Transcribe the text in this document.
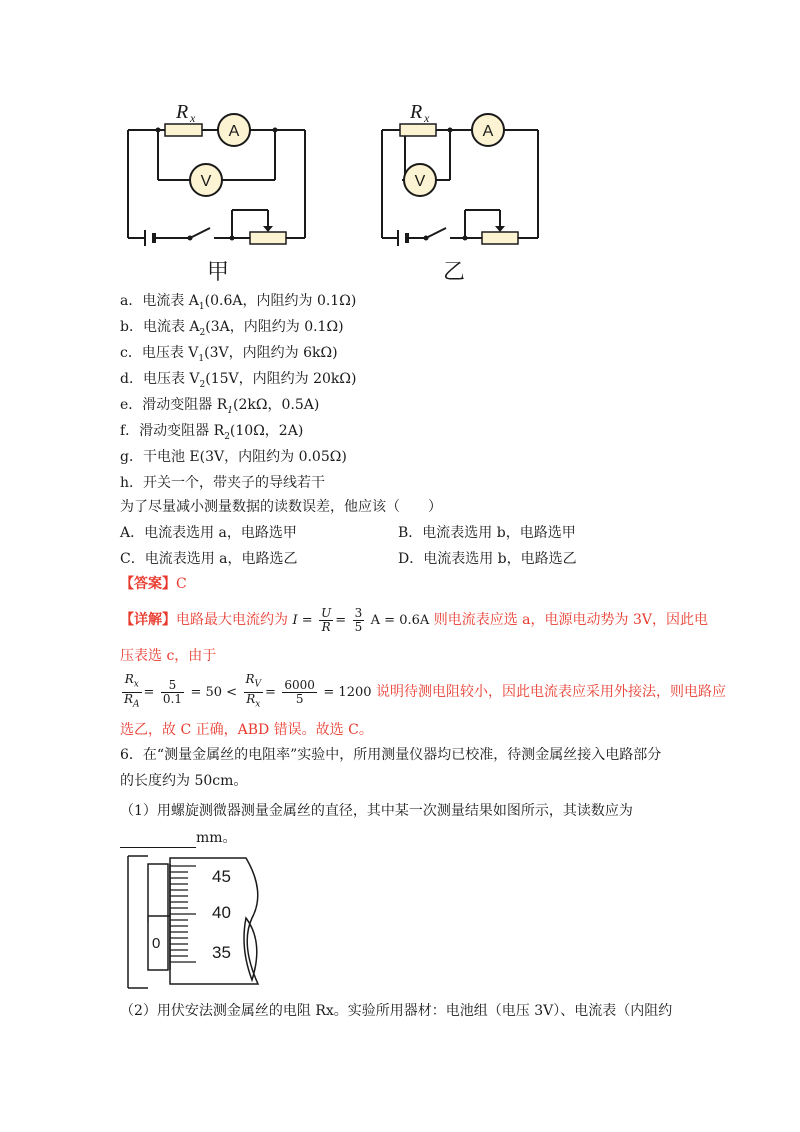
A
V
A
V
R x	R x
甲	乙
a．电流表 $A_1(0.6A$，内阻约为 0.1Ω)
b．电流表 $A_2(3A$，内阻约为 0.1Ω)
c．电压表 $V_1(3V$，内阻约为 6kΩ)
d．电压表 $V_2(15V$，内阻约为 20kΩ)
e．滑动变阻器 $R_1(2k\Omega$，0.5A)
f．滑动变阻器 $R_2(10\Omega$，2A)
g．干电池 E(3V，内阻约为 0.05Ω)
h．开关一个，带夹子的导线若干
为了尽量减小测量数据的读数误差，他应该（　　）
A．电流表选用 a，电路选甲	B．电流表选用 b，电路选甲
C．电流表选用 a，电路选乙	D．电流表选用 b，电路选乙
【答案】C
【详解】电路最大电流约为 $I = \frac{U}{R} = \frac{3}{5}$ A = 0.6A 则电流表应选 a，电源电动势为 3V，因此电
压表选 c，由于
$\frac{R_x}{R_A} = \frac{5}{0.1} = 50 < \frac{R_V}{R_x} = \frac{6000}{5} = 1200$ 说明待测电阻较小，因此电流表应采用外接法，则电路应
选乙，故 C 正确，ABD 错误。故选 C。
6．在“测量金属丝的电阻率”实验中，所用测量仪器均已校准，待测金属丝接入电路部分
的长度约为 50cm。
（1）用螺旋测微器测量金属丝的直径，其中某一次测量结果如图所示，其读数应为
mm。
45
40
35
0
（2）用伏安法测金属丝的电阻 Rx。实验所用器材：电池组（电压 3V）、电流表（内阻约
